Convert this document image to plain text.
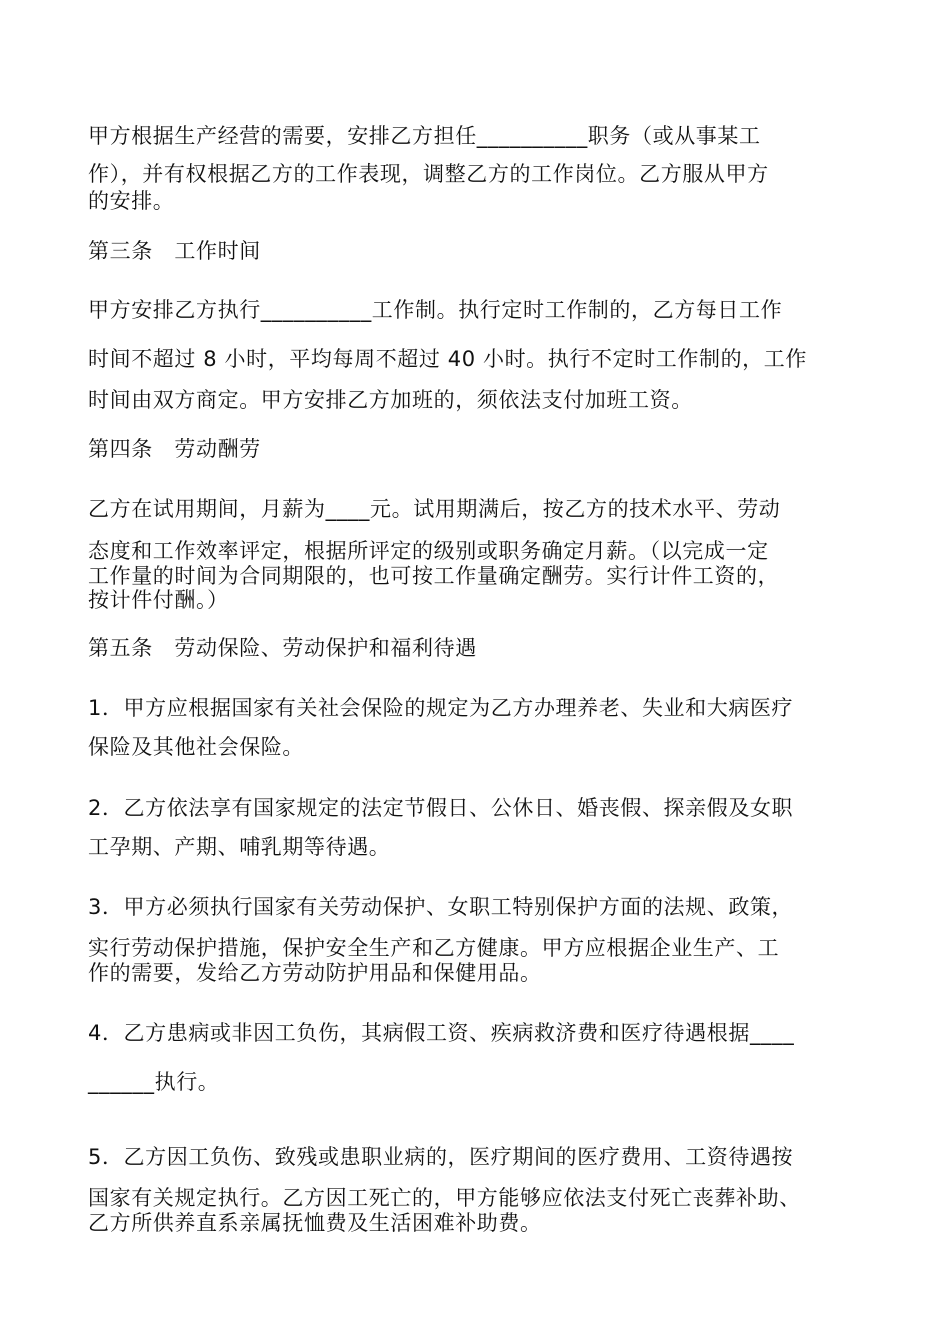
甲方根据生产经营的需要，安排乙方担任__________职务（或从事某工
作），并有权根据乙方的工作表现，调整乙方的工作岗位。乙方服从甲方
的安排。
第三条　工作时间
甲方安排乙方执行__________工作制。执行定时工作制的，乙方每日工作
时间不超过 8 小时，平均每周不超过 40 小时。执行不定时工作制的，工作
时间由双方商定。甲方安排乙方加班的，须依法支付加班工资。
第四条　劳动酬劳
乙方在试用期间，月薪为____元。试用期满后，按乙方的技术水平、劳动
态度和工作效率评定，根据所评定的级别或职务确定月薪。（以完成一定
工作量的时间为合同期限的，也可按工作量确定酬劳。实行计件工资的，
按计件付酬。）
第五条　劳动保险、劳动保护和福利待遇
1．甲方应根据国家有关社会保险的规定为乙方办理养老、失业和大病医疗
保险及其他社会保险。
2．乙方依法享有国家规定的法定节假日、公休日、婚丧假、探亲假及女职
工孕期、产期、哺乳期等待遇。
3．甲方必须执行国家有关劳动保护、女职工特别保护方面的法规、政策，
实行劳动保护措施，保护安全生产和乙方健康。甲方应根据企业生产、工
作的需要，发给乙方劳动防护用品和保健用品。
4．乙方患病或非因工负伤，其病假工资、疾病救济费和医疗待遇根据____
______执行。
5．乙方因工负伤、致残或患职业病的，医疗期间的医疗费用、工资待遇按
国家有关规定执行。乙方因工死亡的，甲方能够应依法支付死亡丧葬补助、
乙方所供养直系亲属抚恤费及生活困难补助费。
